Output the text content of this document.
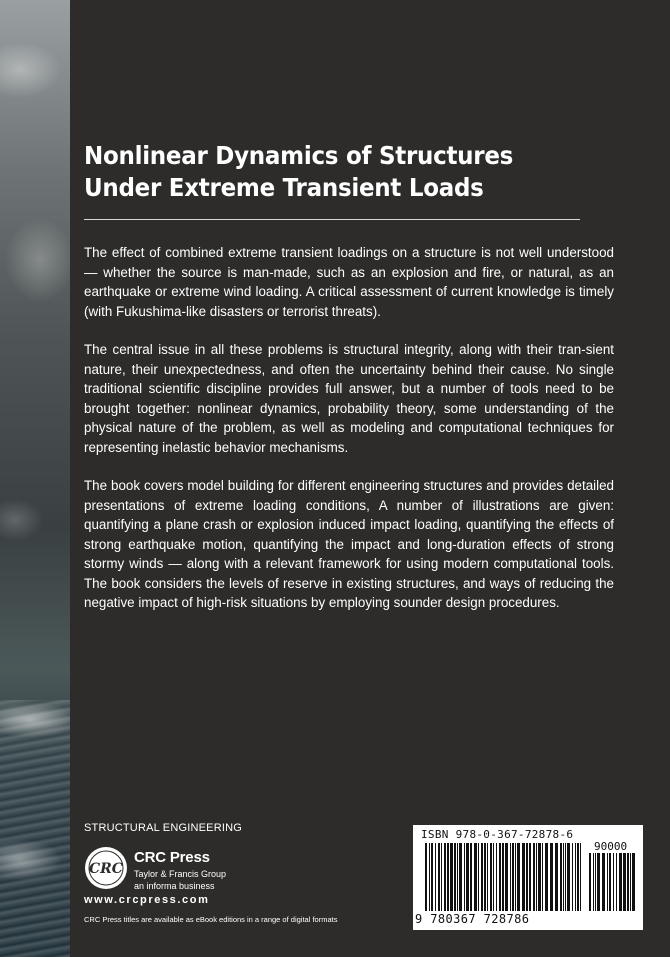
Nonlinear Dynamics of Structures
Under Extreme Transient Loads

The effect of combined extreme transient loadings on a structure is not well understood — whether the source is man-made, such as an explosion and fire, or natural, as an earthquake or extreme wind loading. A critical assessment of current knowledge is timely (with Fukushima-like disasters or terrorist threats).

The central issue in all these problems is structural integrity, along with their tran-sient nature, their unexpectedness, and often the uncertainty behind their cause. No single traditional scientific discipline provides full answer, but a number of tools need to be brought together: nonlinear dynamics, probability theory, some understanding of the physical nature of the problem, as well as modeling and computational techniques for representing inelastic behavior mechanisms.

The book covers model building for different engineering structures and provides detailed presentations of extreme loading conditions, A number of illustrations are given: quantifying a plane crash or explosion induced impact loading, quantifying the effects of strong earthquake motion, quantifying the impact and long-duration effects of strong stormy winds — along with a relevant framework for using modern computational tools. The book considers the levels of reserve in existing structures, and ways of reducing the negative impact of high-risk situations by employing sounder design procedures.

STRUCTURAL ENGINEERING
CRC
CRC Press
Taylor & Francis Group
an informa business
www.crcpress.com
CRC Press titles are available as eBook editions in a range of digital formats
ISBN 978-0-367-72878-6
90000
9 780367 728786
